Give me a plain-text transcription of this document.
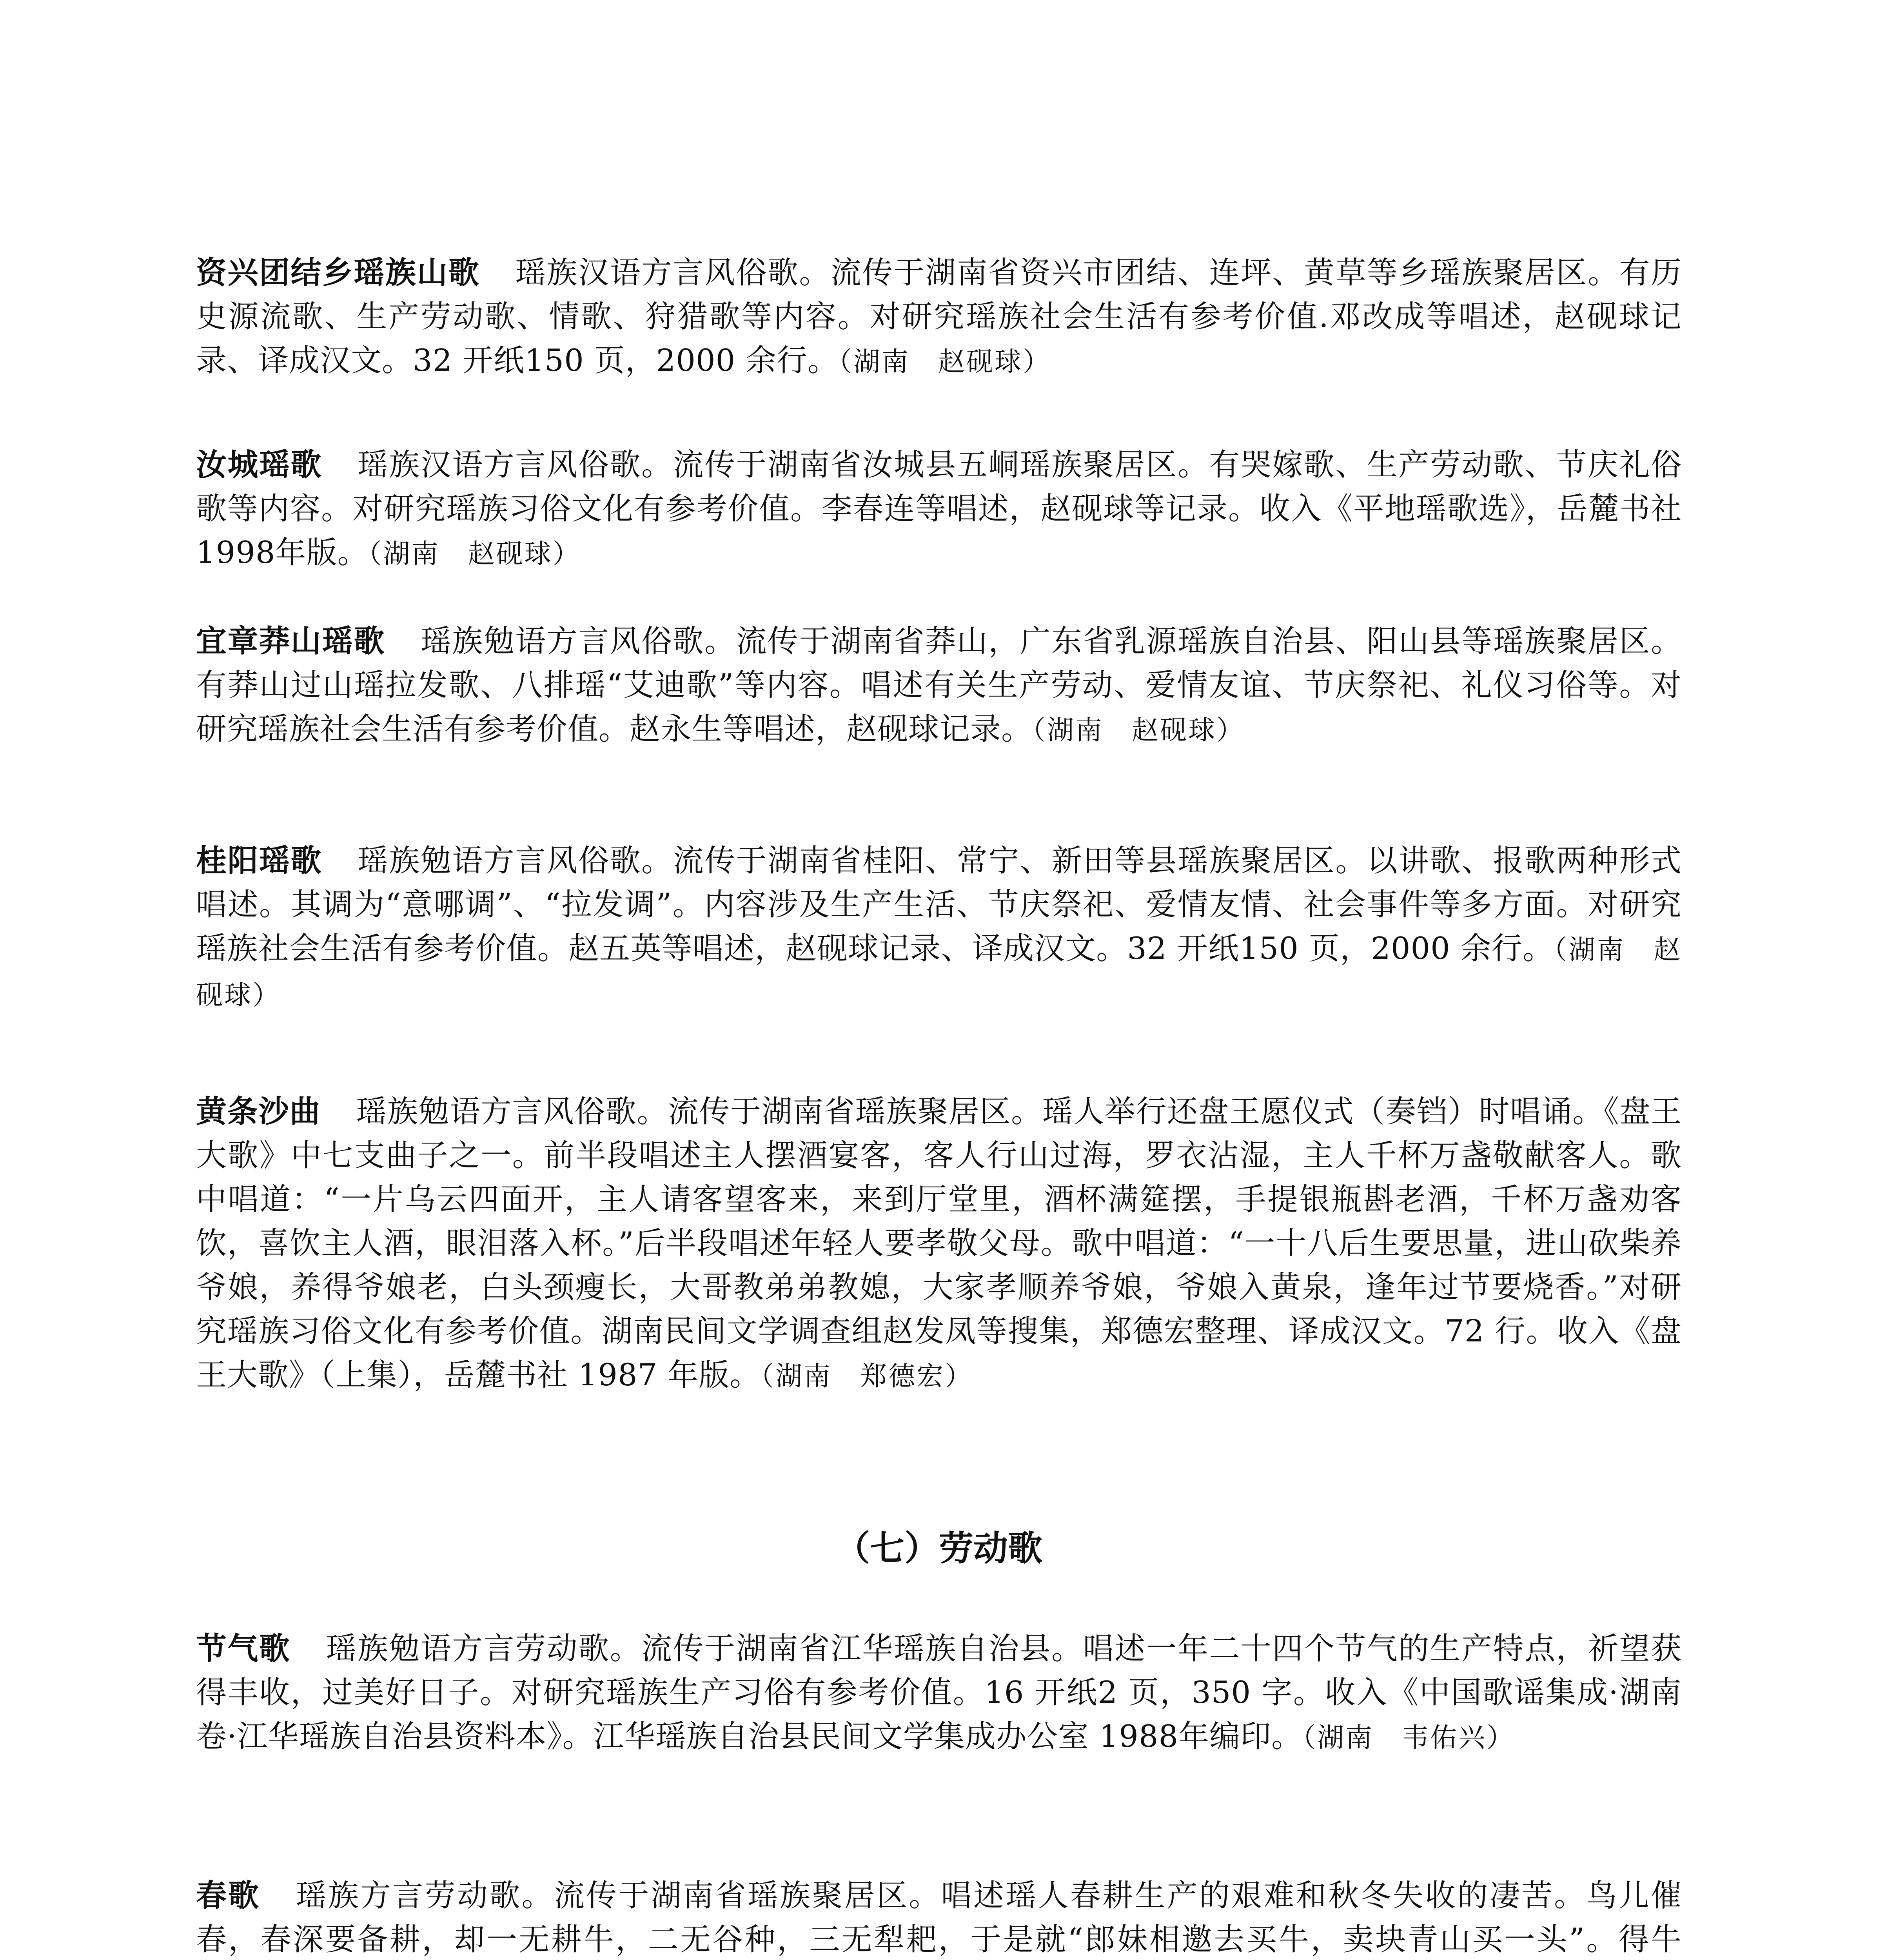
资兴团结乡瑶族山歌 瑶族汉语方言风俗歌。流传于湖南省资兴市团结、连坪、黄草等乡瑶族聚居区。有历史源流歌、生产劳动歌、情歌、狩猎歌等内容。对研究瑶族社会生活有参考价值.邓改成等唱述，赵砚球记录、译成汉文。32 开纸150 页，2000 余行。（湖南　赵砚球）
汝城瑶歌 瑶族汉语方言风俗歌。流传于湖南省汝城县五峒瑶族聚居区。有哭嫁歌、生产劳动歌、节庆礼俗歌等内容。对研究瑶族习俗文化有参考价值。李春连等唱述，赵砚球等记录。收入《平地瑶歌选》，岳麓书社 1998年版。（湖南　赵砚球）
宜章莽山瑶歌 瑶族勉语方言风俗歌。流传于湖南省莽山，广东省乳源瑶族自治县、阳山县等瑶族聚居区。有莽山过山瑶拉发歌、八排瑶“艾迪歌”等内容。唱述有关生产劳动、爱情友谊、节庆祭祀、礼仪习俗等。对研究瑶族社会生活有参考价值。赵永生等唱述，赵砚球记录。（湖南　赵砚球）
桂阳瑶歌 瑶族勉语方言风俗歌。流传于湖南省桂阳、常宁、新田等县瑶族聚居区。以讲歌、报歌两种形式唱述。其调为“意哪调”、“拉发调”。内容涉及生产生活、节庆祭祀、爱情友情、社会事件等多方面。对研究瑶族社会生活有参考价值。赵五英等唱述，赵砚球记录、译成汉文。32 开纸150 页，2000 余行。（湖南　赵砚球）
黄条沙曲 瑶族勉语方言风俗歌。流传于湖南省瑶族聚居区。瑶人举行还盘王愿仪式（奏铛）时唱诵。《盘王大歌》中七支曲子之一。前半段唱述主人摆酒宴客，客人行山过海，罗衣沾湿，主人千杯万盏敬献客人。歌中唱道：“一片乌云四面开，主人请客望客来，来到厅堂里，酒杯满筵摆，手提银瓶斟老酒，千杯万盏劝客饮，喜饮主人酒，眼泪落入杯。”后半段唱述年轻人要孝敬父母。歌中唱道：“一十八后生要思量，进山砍柴养爷娘，养得爷娘老，白头颈瘦长，大哥教弟弟教媳，大家孝顺养爷娘，爷娘入黄泉，逢年过节要烧香。”对研究瑶族习俗文化有参考价值。湖南民间文学调查组赵发凤等搜集，郑德宏整理、译成汉文。72 行。收入《盘王大歌》（上集），岳麓书社 1987 年版。（湖南　郑德宏）
（七）劳动歌
节气歌 瑶族勉语方言劳动歌。流传于湖南省江华瑶族自治县。唱述一年二十四个节气的生产特点，祈望获得丰收，过美好日子。对研究瑶族生产习俗有参考价值。16 开纸2 页，350 字。收入《中国歌谣集成·湖南卷·江华瑶族自治县资料本》。江华瑶族自治县民间文学集成办公室 1988年编印。（湖南　韦佑兴）
春歌 瑶族方言劳动歌。流传于湖南省瑶族聚居区。唱述瑶人春耕生产的艰难和秋冬失收的凄苦。鸟儿催春，春深要备耕，却一无耕牛，二无谷种，三无犁耙，于是就“郎妹相邀去买牛，卖块青山买一头”。得牛
